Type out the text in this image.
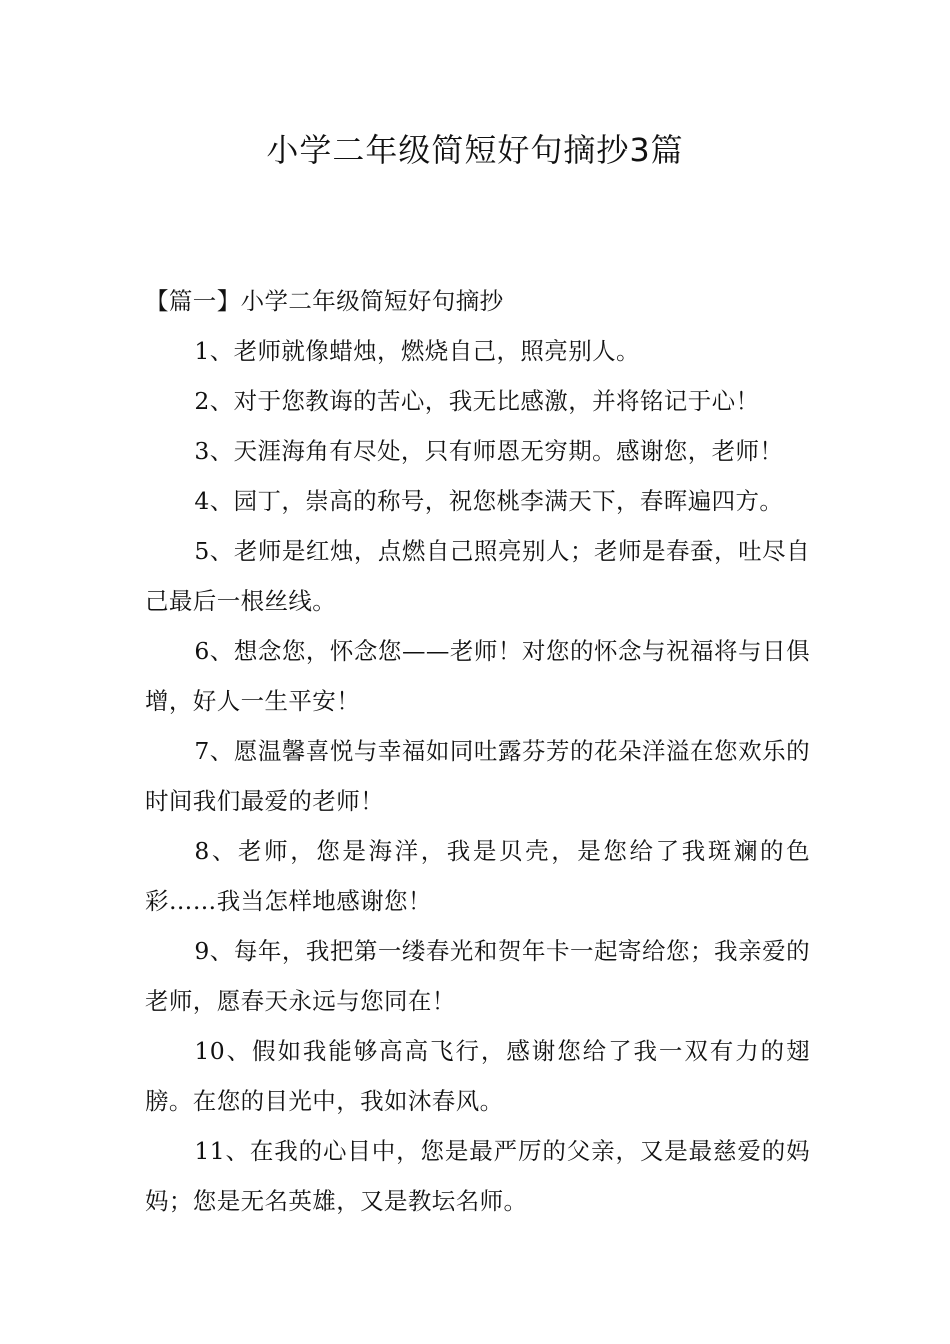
小学二年级简短好句摘抄3篇

【篇一】小学二年级简短好句摘抄

1、老师就像蜡烛，燃烧自己，照亮别人。

2、对于您教诲的苦心，我无比感激，并将铭记于心！

3、天涯海角有尽处，只有师恩无穷期。感谢您，老师！

4、园丁，崇高的称号，祝您桃李满天下，春晖遍四方。

5、老师是红烛，点燃自己照亮别人；老师是春蚕，吐尽自己最后一根丝线。

6、想念您，怀念您——老师！对您的怀念与祝福将与日俱增，好人一生平安！

7、愿温馨喜悦与幸福如同吐露芬芳的花朵洋溢在您欢乐的时间我们最爱的老师！

8、老师，您是海洋，我是贝壳，是您给了我斑斓的色彩……我当怎样地感谢您！

9、每年，我把第一缕春光和贺年卡一起寄给您；我亲爱的老师，愿春天永远与您同在！

10、假如我能够高高飞行，感谢您给了我一双有力的翅膀。在您的目光中，我如沐春风。

11、在我的心目中，您是最严厉的父亲，又是最慈爱的妈妈；您是无名英雄，又是教坛名师。
